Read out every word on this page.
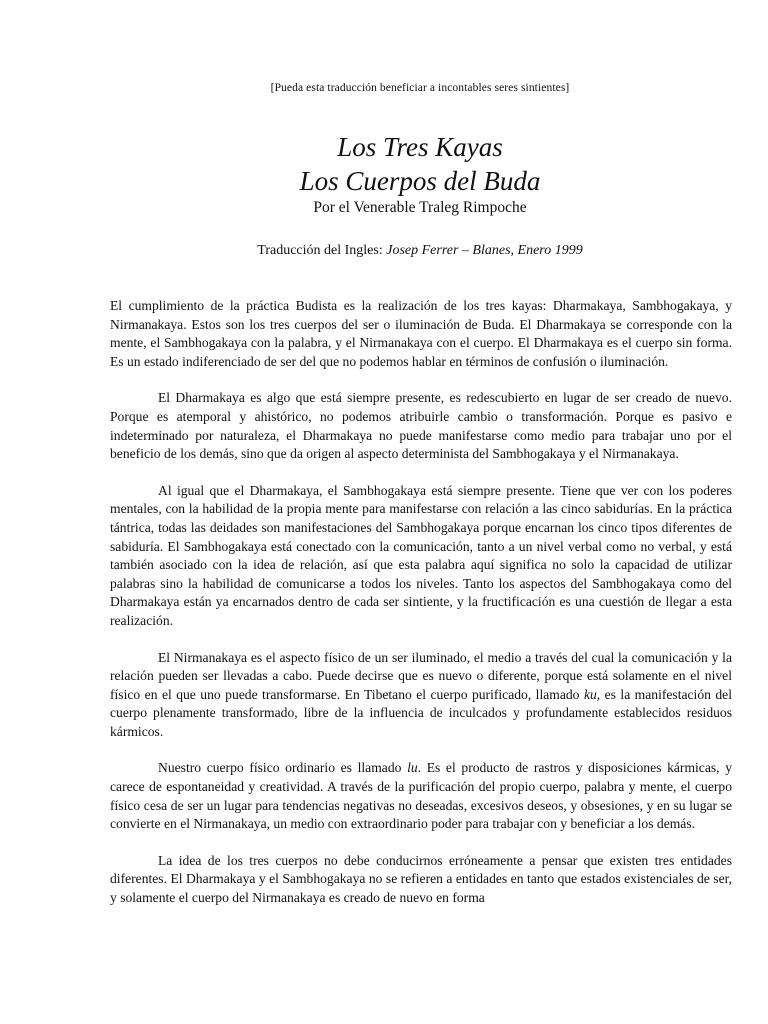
[Pueda esta traducción beneficiar a incontables seres sintientes]
Los Tres Kayas
Los Cuerpos del Buda
Por el Venerable Traleg Rimpoche
Traducción del Ingles: Josep Ferrer – Blanes, Enero 1999

El cumplimiento de la práctica Budista es la realización de los tres kayas: Dharmakaya, Sambhogakaya, y Nirmanakaya. Estos son los tres cuerpos del ser o iluminación de Buda. El Dharmakaya se corresponde con la mente, el Sambhogakaya con la palabra, y el Nirmanakaya con el cuerpo. El Dharmakaya es el cuerpo sin forma. Es un estado indiferenciado de ser del que no podemos hablar en términos de confusión o iluminación.

El Dharmakaya es algo que está siempre presente, es redescubierto en lugar de ser creado de nuevo. Porque es atemporal y ahistórico, no podemos atribuirle cambio o transformación. Porque es pasivo e indeterminado por naturaleza, el Dharmakaya no puede manifestarse como medio para trabajar uno por el beneficio de los demás, sino que da origen al aspecto determinista del Sambhogakaya y el Nirmanakaya.

Al igual que el Dharmakaya, el Sambhogakaya está siempre presente. Tiene que ver con los poderes mentales, con la habilidad de la propia mente para manifestarse con relación a las cinco sabidurías. En la práctica tántrica, todas las deidades son manifestaciones del Sambhogakaya porque encarnan los cinco tipos diferentes de sabiduría. El Sambhogakaya está conectado con la comunicación, tanto a un nivel verbal como no verbal, y está también asociado con la idea de relación, así que esta palabra aquí significa no solo la capacidad de utilizar palabras sino la habilidad de comunicarse a todos los niveles. Tanto los aspectos del Sambhogakaya como del Dharmakaya están ya encarnados dentro de cada ser sintiente, y la fructificación es una cuestión de llegar a esta realización.

El Nirmanakaya es el aspecto físico de un ser iluminado, el medio a través del cual la comunicación y la relación pueden ser llevadas a cabo. Puede decirse que es nuevo o diferente, porque está solamente en el nivel físico en el que uno puede transformarse. En Tibetano el cuerpo purificado, llamado ku, es la manifestación del cuerpo plenamente transformado, libre de la influencia de inculcados y profundamente establecidos residuos kármicos.

Nuestro cuerpo físico ordinario es llamado lu. Es el producto de rastros y disposiciones kármicas, y carece de espontaneidad y creatividad. A través de la purificación del propio cuerpo, palabra y mente, el cuerpo físico cesa de ser un lugar para tendencias negativas no deseadas, excesivos deseos, y obsesiones, y en su lugar se convierte en el Nirmanakaya, un medio con extraordinario poder para trabajar con y beneficiar a los demás.

La idea de los tres cuerpos no debe conducirnos erróneamente a pensar que existen tres entidades diferentes. El Dharmakaya y el Sambhogakaya no se refieren a entidades en tanto que estados existenciales de ser, y solamente el cuerpo del Nirmanakaya es creado de nuevo en forma
